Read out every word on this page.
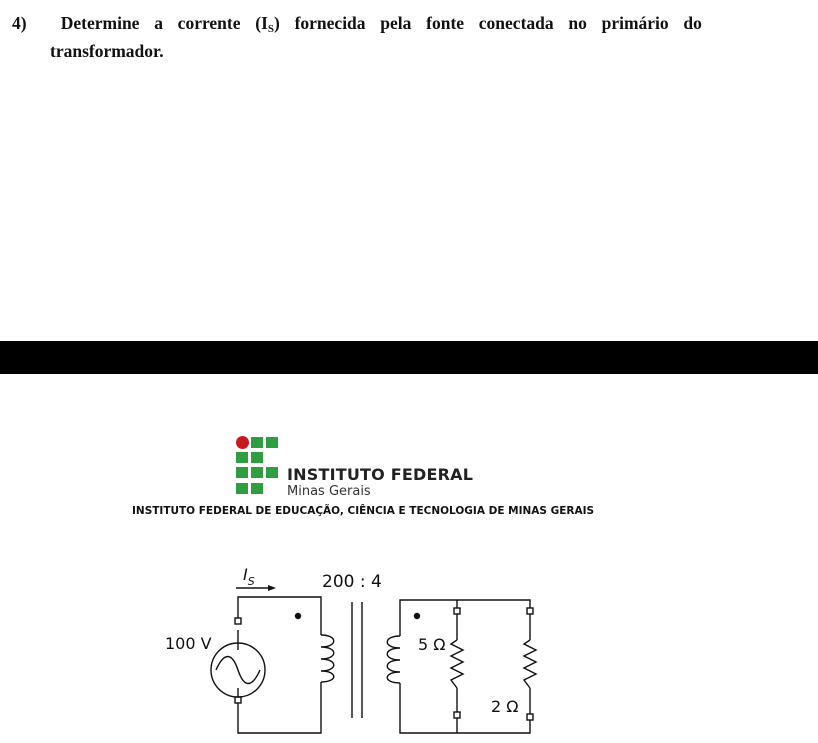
4)	Determine a corrente $(I_S)$ fornecida pela fonte conectada no primário do
transformador.
INSTITUTO FEDERAL
Minas Gerais
INSTITUTO FEDERAL DE EDUCAÇÃO, CIÊNCIA E TECNOLOGIA DE MINAS GERAIS
$I_S$	200 : 4
100 V	5 Ω
2 Ω
